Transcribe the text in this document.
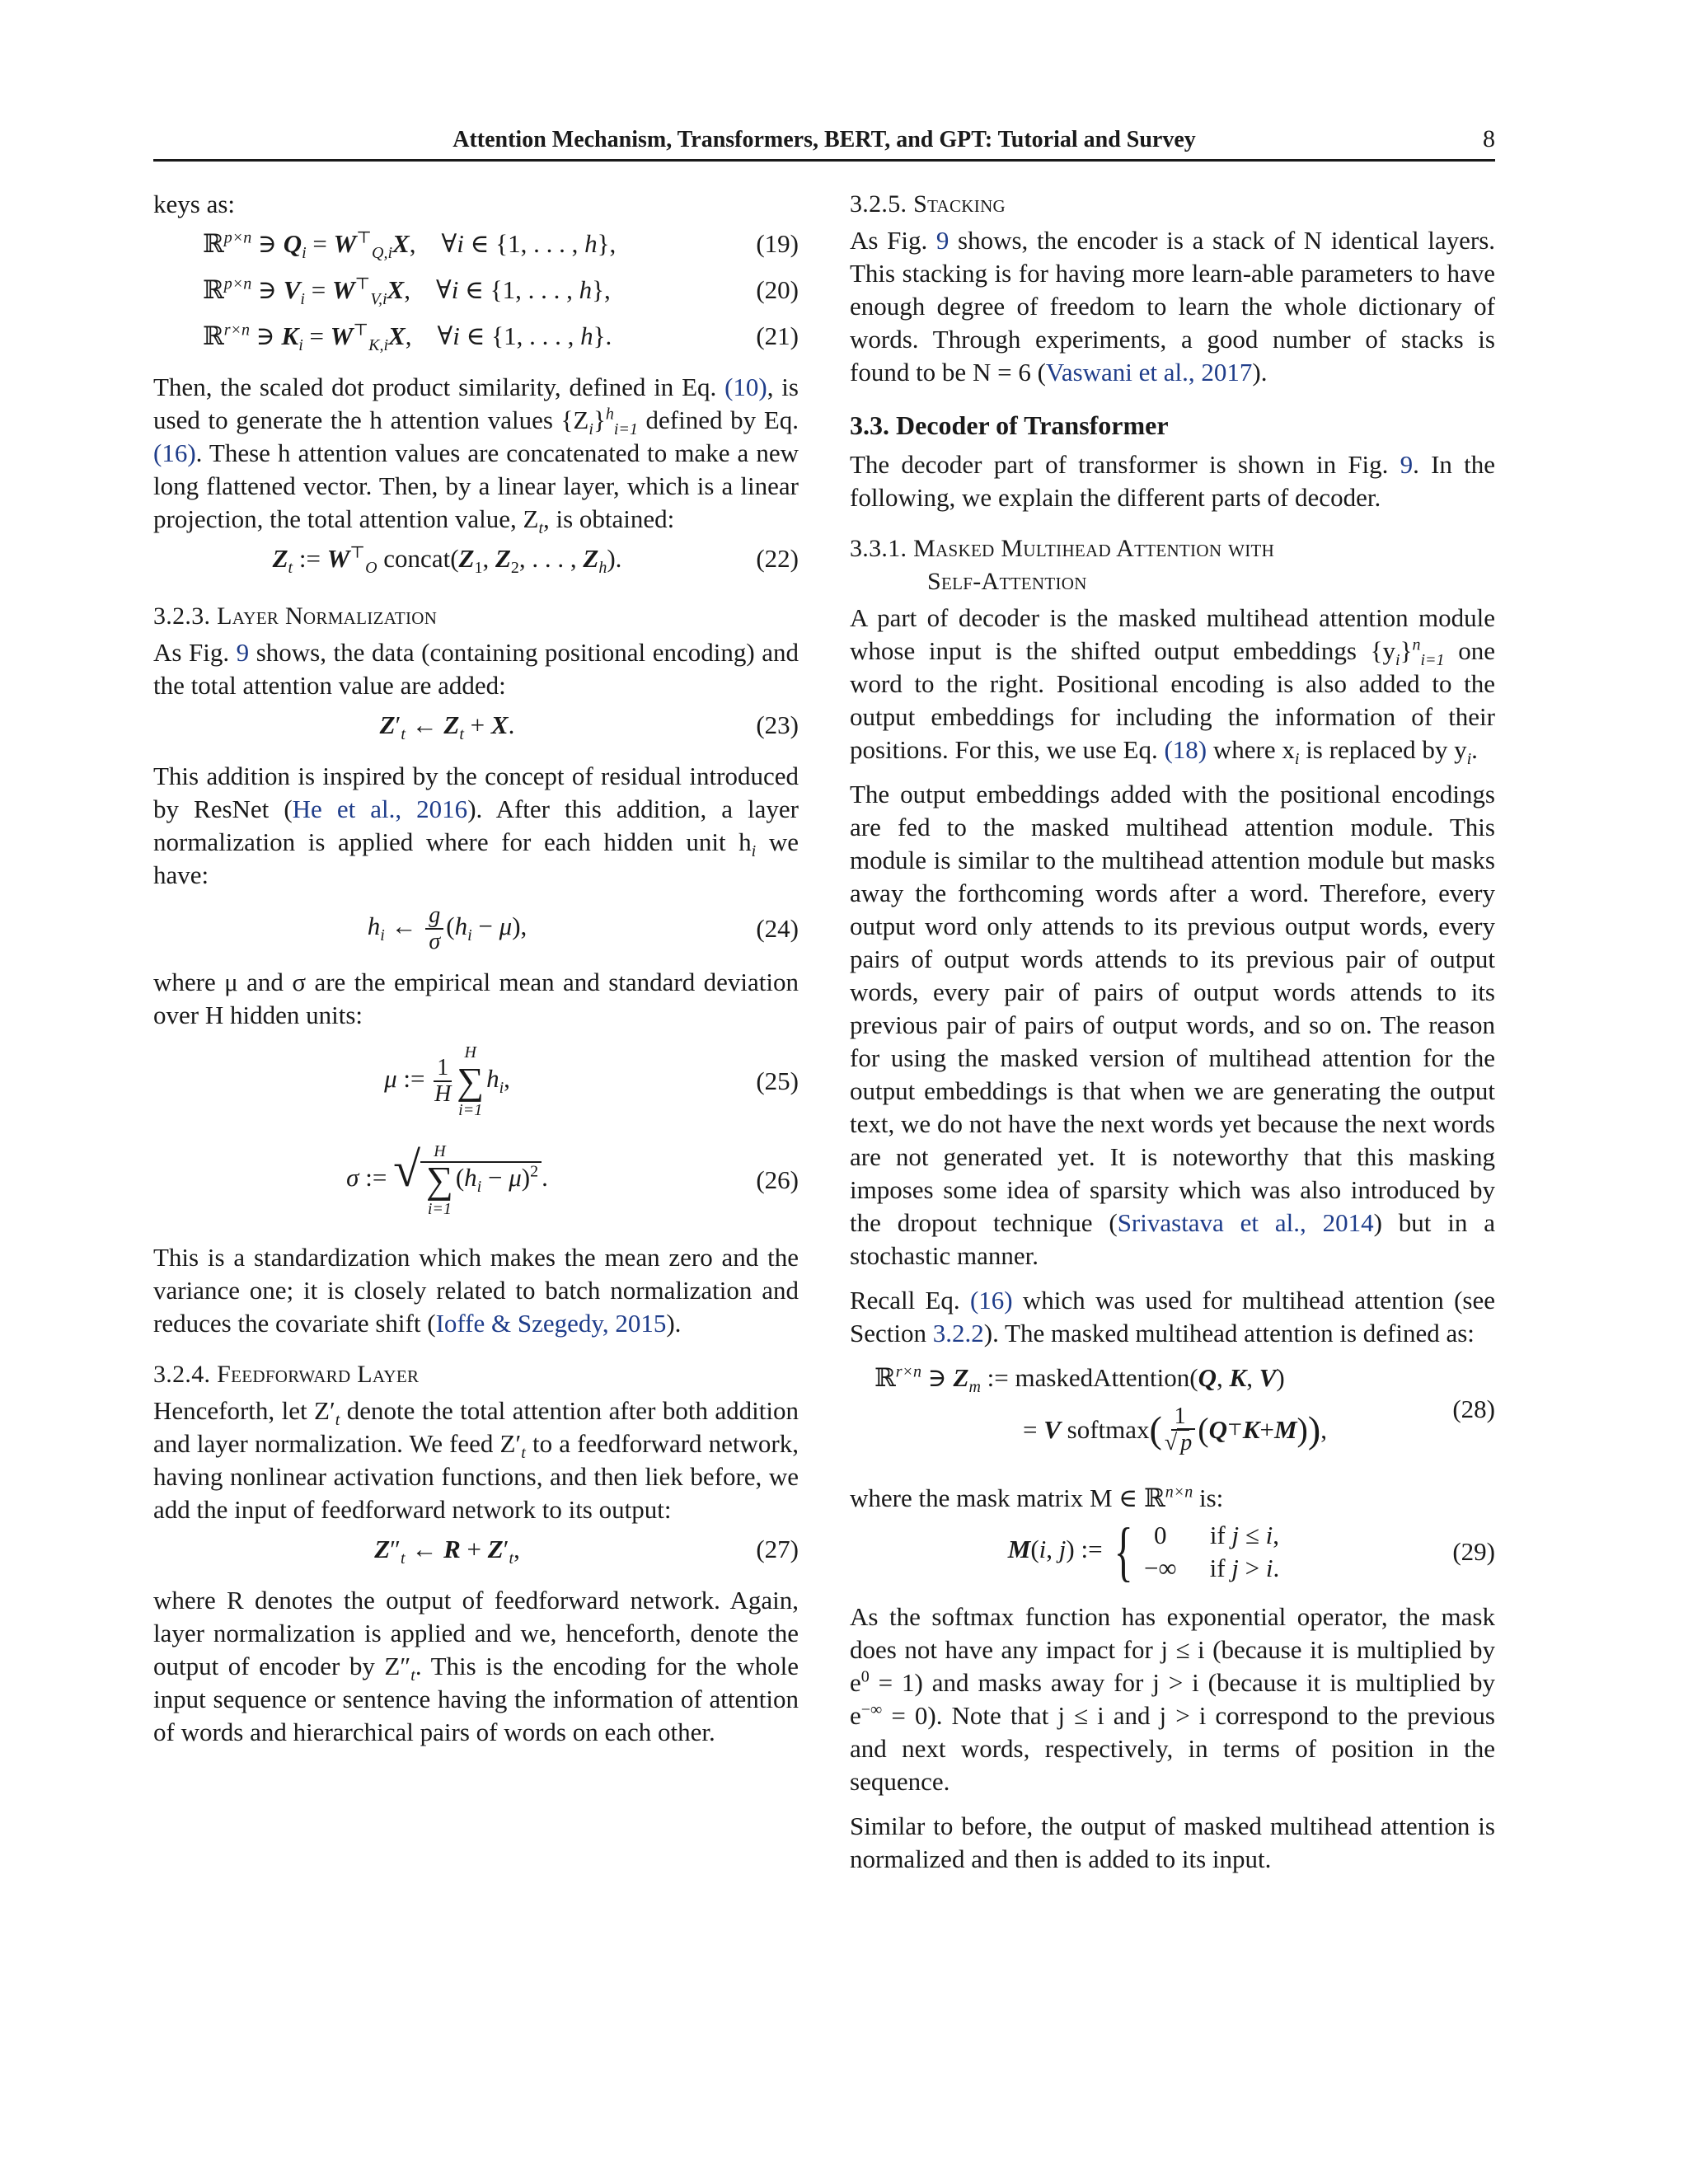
Attention Mechanism, Transformers, BERT, and GPT: Tutorial and Survey	8

keys as:

ℝ$^{p\times n}$ ∋ $Q_i = W^⊤_{Q,i}X$,    ∀i ∈ {1, . . . , h},	(19)
ℝ$^{p\times n}$ ∋ $V_i = W^⊤_{V,i}X$,    ∀i ∈ {1, . . . , h},	(20)
ℝ$^{r\times n}$ ∋ $K_i = W^⊤_{K,i}X$,    ∀i ∈ {1, . . . , h}.	(21)

Then, the scaled dot product similarity, defined in Eq. (10), is used to generate the h attention values $\{Z_i\}^h_{i=1}$ defined by Eq. (16). These h attention values are concatenated to make a new long flattened vector. Then, by a linear layer, which is a linear projection, the total attention value, $Z_t$, is obtained:

$Z_t$ := $W^⊤_O$ $concat(Z_1$, $Z_2$, . . . , $Z_h$).	(22)
3.2.3. Layer Normalization

As Fig. 9 shows, the data (containing positional encoding) and the total attention value are added:

$Z'_t$ ← $Z_t + X$.	(23)

This addition is inspired by the concept of residual introduced by ResNet (He et al., 2016). After this addition, a layer normalization is applied where for each hidden unit $h_i$ we have:

$h_i$ ← $\frac{g}{\sigma} (h_i - \mu)$,	(24)

where μ and σ are the empirical mean and standard deviation over H hidden units:

μ := $\frac{1}{H}$
H
∑
i=1
$h_i$,	(25)
σ := √ H
∑
i=1
$(h_i - \mu)^2$ .	(26)

This is a standardization which makes the mean zero and the variance one; it is closely related to batch normalization and reduces the covariate shift (Ioffe & Szegedy, 2015).

3.2.4. Feedforward Layer

Henceforth, let $Z'_t$ denote the total attention after both addition and layer normalization. We feed $Z'_t$ to a feedforward network, having nonlinear activation functions, and then liek before, we add the input of feedforward network to its output:

$Z''_t$ ← $R + Z'_t$,	(27)

where R denotes the output of feedforward network. Again, layer normalization is applied and we, henceforth, denote the output of encoder by $Z''_t$. This is the encoding for the whole input sequence or sentence having the information of attention of words and hierarchical pairs of words on each other.

3.2.5. Stacking

As Fig. 9 shows, the encoder is a stack of N identical layers. This stacking is for having more learn-able parameters to have enough degree of freedom to learn the whole dictionary of words. Through experiments, a good number of stacks is found to be N = 6 (Vaswani et al., 2017).

3.3. Decoder of Transformer

The decoder part of transformer is shown in Fig. 9. In the following, we explain the different parts of decoder.

3.3.1. Masked Multihead Attention with
Self-Attention

A part of decoder is the masked multihead attention module whose input is the shifted output embeddings $\{y_i\}^n_{i=1}$ one word to the right. Positional encoding is also added to the output embeddings for including the information of their positions. For this, we use Eq. (18) where $x_i$ is replaced by $y_i$.

The output embeddings added with the positional encodings are fed to the masked multihead attention module. This module is similar to the multihead attention module but masks away the forthcoming words after a word. Therefore, every output word only attends to its previous output words, every pairs of output words attends to its previous pair of output words, every pair of pairs of output words attends to its previous pair of pairs of output words, and so on. The reason for using the masked version of multihead attention for the output embeddings is that when we are generating the output text, we do not have the next words yet because the next words are not generated yet. It is noteworthy that this masking imposes some idea of sparsity which was also introduced by the dropout technique (Srivastava et al., 2014) but in a stochastic manner.

Recall Eq. (16) which was used for multihead attention (see Section 3.2.2). The masked multihead attention is defined as:

ℝ$^{r\times n}$ ∋ $Z_m$ := maskedAttention(Q, K, V)
= V softmax ( $\frac{1}{√ p}$ ( Q ⊤ K + M ) ) ,
(28)

where the mask matrix M ∈ ℝ$^{n\times n}$ is:

M(i, j) := { 0	if j ≤ i,
−∞ if j > i.
(29)

As the softmax function has exponential operator, the mask does not have any impact for j ≤ i (because it is multiplied by $e^0 = 1$) and masks away for j > i (because it is multiplied by e−∞ = 0). Note that j ≤ i and j > i correspond to the previous and next words, respectively, in terms of position in the sequence.

Similar to before, the output of masked multihead attention is normalized and then is added to its input.
